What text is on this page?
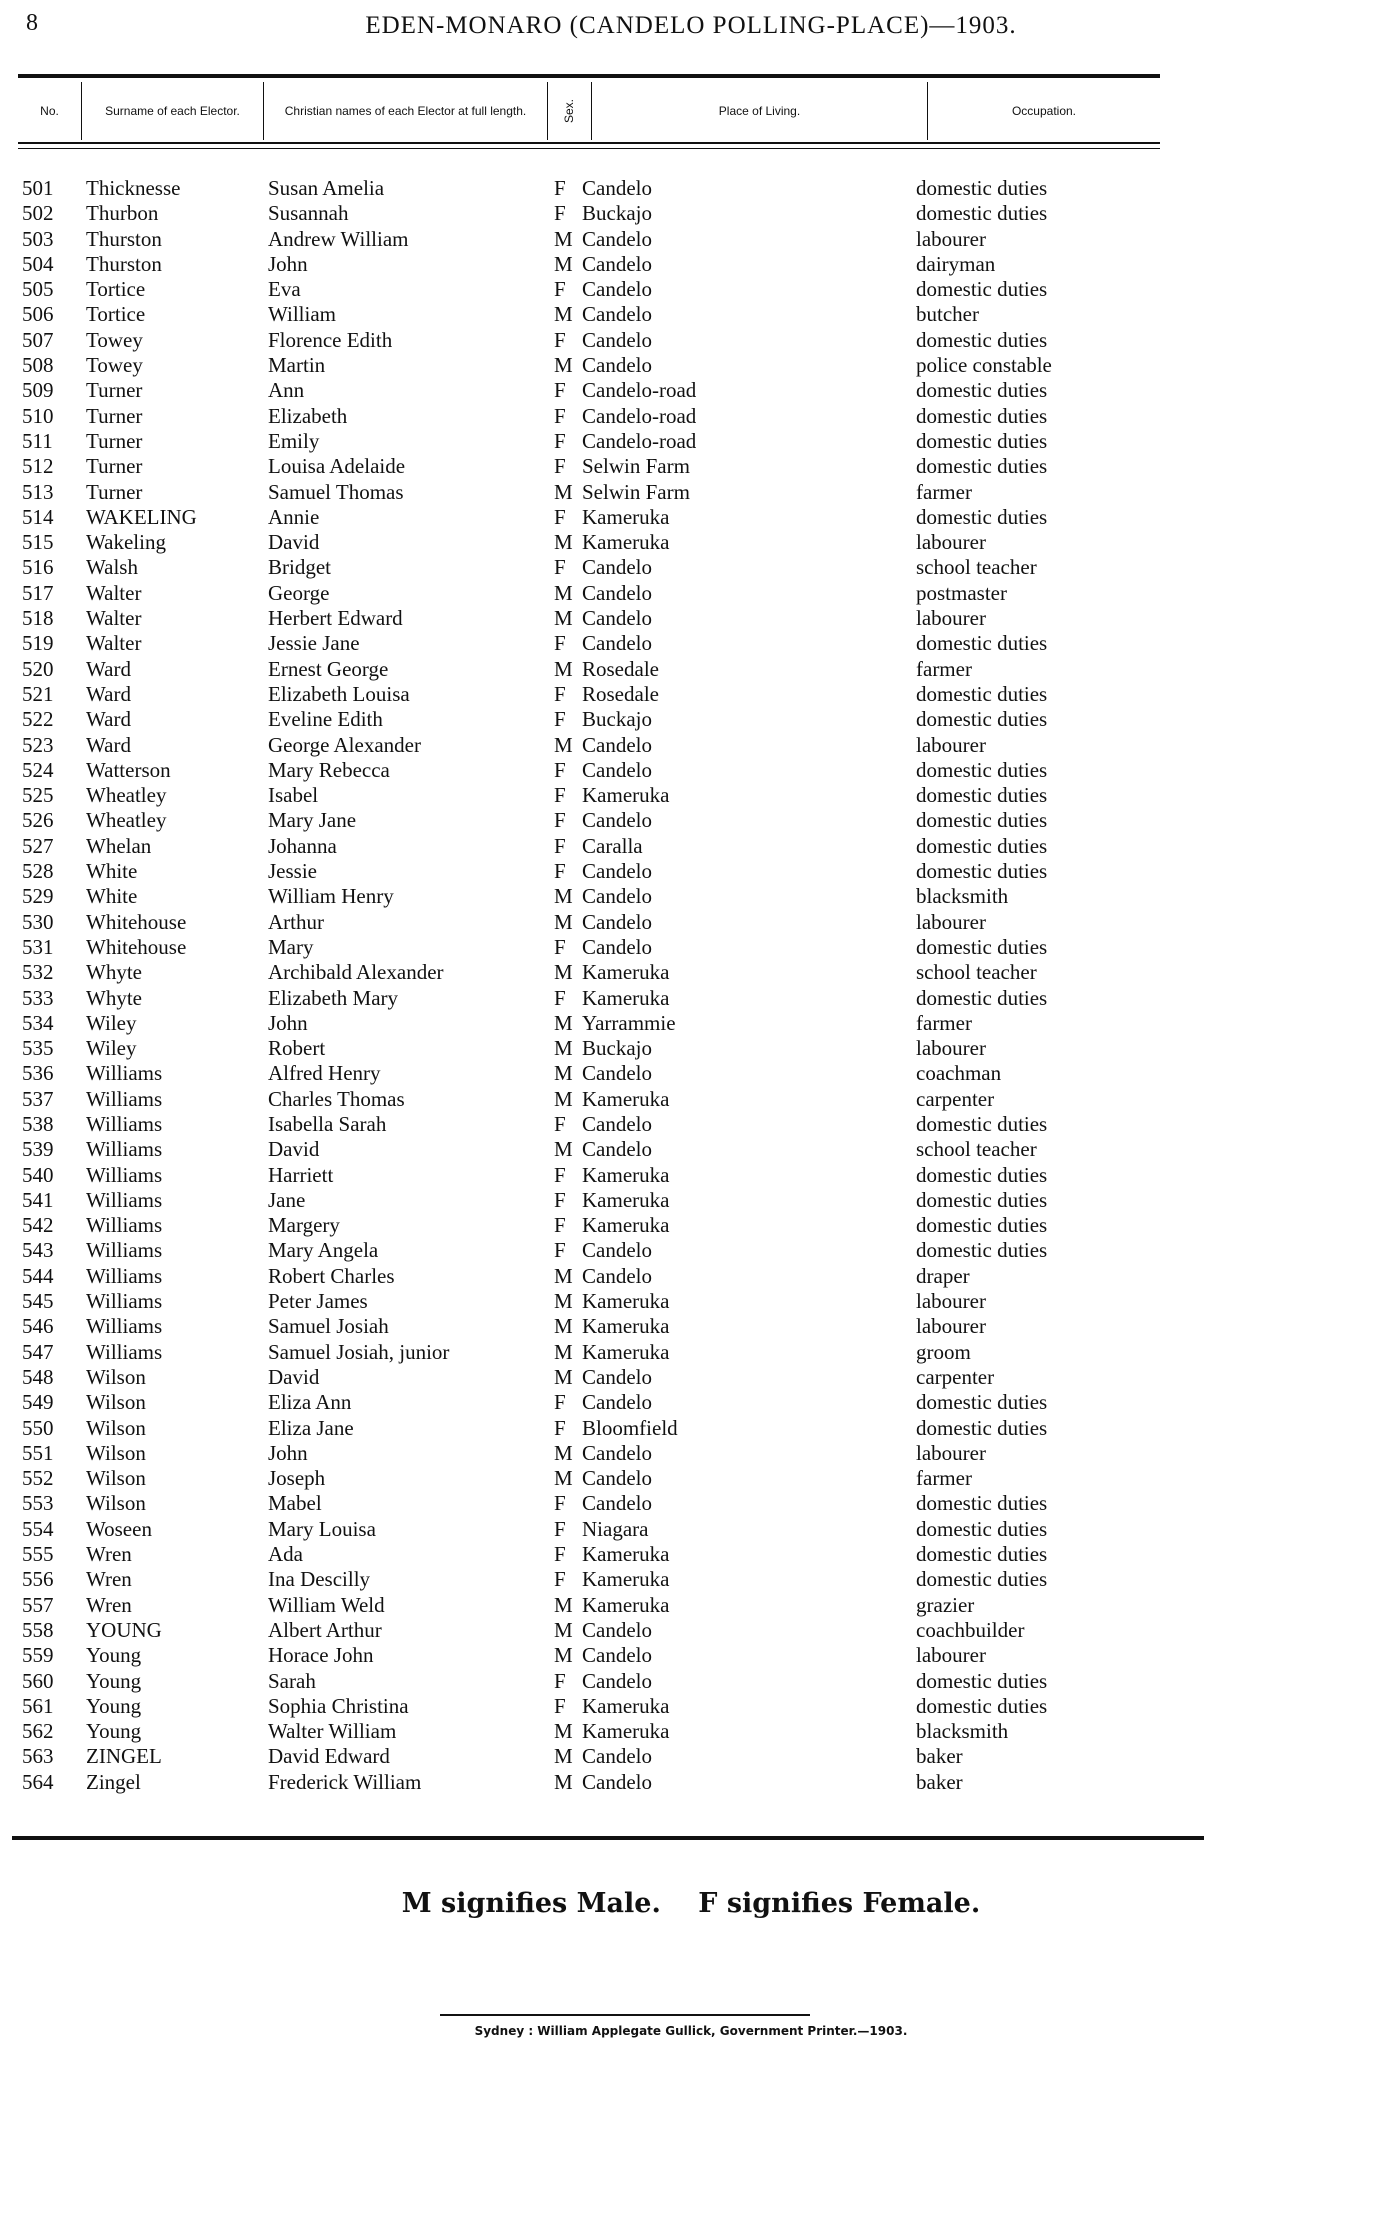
8	EDEN-MONARO (CANDELO POLLING-PLACE)—1903.
No.	Surname of each Elector.	Christian names of each Elector at full length.	Sex.	Place of Living.	Occupation.
501	Thicknesse	Susan Amelia	F Candelo	domestic duties
502	Thurbon	Susannah	F Buckajo	domestic duties
503	Thurston	Andrew William	M Candelo	labourer
504	Thurston	John	M Candelo	dairyman
505	Tortice	Eva	F Candelo	domestic duties
506	Tortice	William	M Candelo	butcher
507	Towey	Florence Edith	F Candelo	domestic duties
508	Towey	Martin	M Candelo	police constable
509	Turner	Ann	F Candelo-road	domestic duties
510	Turner	Elizabeth	F Candelo-road	domestic duties
511	Turner	Emily	F Candelo-road	domestic duties
512	Turner	Louisa Adelaide	F Selwin Farm	domestic duties
513	Turner	Samuel Thomas	M Selwin Farm	farmer
514	WAKELING	Annie	F Kameruka	domestic duties
515	Wakeling	David	M Kameruka	labourer
516	Walsh	Bridget	F Candelo	school teacher
517	Walter	George	M Candelo	postmaster
518	Walter	Herbert Edward	M Candelo	labourer
519	Walter	Jessie Jane	F Candelo	domestic duties
520	Ward	Ernest George	M Rosedale	farmer
521	Ward	Elizabeth Louisa	F Rosedale	domestic duties
522	Ward	Eveline Edith	F Buckajo	domestic duties
523	Ward	George Alexander	M Candelo	labourer
524	Watterson	Mary Rebecca	F Candelo	domestic duties
525	Wheatley	Isabel	F Kameruka	domestic duties
526	Wheatley	Mary Jane	F Candelo	domestic duties
527	Whelan	Johanna	F Caralla	domestic duties
528	White	Jessie	F Candelo	domestic duties
529	White	William Henry	M Candelo	blacksmith
530	Whitehouse	Arthur	M Candelo	labourer
531	Whitehouse	Mary	F Candelo	domestic duties
532	Whyte	Archibald Alexander	M Kameruka	school teacher
533	Whyte	Elizabeth Mary	F Kameruka	domestic duties
534	Wiley	John	M Yarrammie	farmer
535	Wiley	Robert	M Buckajo	labourer
536	Williams	Alfred Henry	M Candelo	coachman
537	Williams	Charles Thomas	M Kameruka	carpenter
538	Williams	Isabella Sarah	F Candelo	domestic duties
539	Williams	David	M Candelo	school teacher
540	Williams	Harriett	F Kameruka	domestic duties
541	Williams	Jane	F Kameruka	domestic duties
542	Williams	Margery	F Kameruka	domestic duties
543	Williams	Mary Angela	F Candelo	domestic duties
544	Williams	Robert Charles	M Candelo	draper
545	Williams	Peter James	M Kameruka	labourer
546	Williams	Samuel Josiah	M Kameruka	labourer
547	Williams	Samuel Josiah, junior	M Kameruka	groom
548	Wilson	David	M Candelo	carpenter
549	Wilson	Eliza Ann	F Candelo	domestic duties
550	Wilson	Eliza Jane	F Bloomfield	domestic duties
551	Wilson	John	M Candelo	labourer
552	Wilson	Joseph	M Candelo	farmer
553	Wilson	Mabel	F Candelo	domestic duties
554	Woseen	Mary Louisa	F Niagara	domestic duties
555	Wren	Ada	F Kameruka	domestic duties
556	Wren	Ina Descilly	F Kameruka	domestic duties
557	Wren	William Weld	M Kameruka	grazier
558	YOUNG	Albert Arthur	M Candelo	coachbuilder
559	Young	Horace John	M Candelo	labourer
560	Young	Sarah	F Candelo	domestic duties
561	Young	Sophia Christina	F Kameruka	domestic duties
562	Young	Walter William	M Kameruka	blacksmith
563	ZINGEL	David Edward	M Candelo	baker
564	Zingel	Frederick William	M Candelo	baker
M signifies Male. F signifies Female.
Sydney : William Applegate Gullick, Government Printer.—1903.
